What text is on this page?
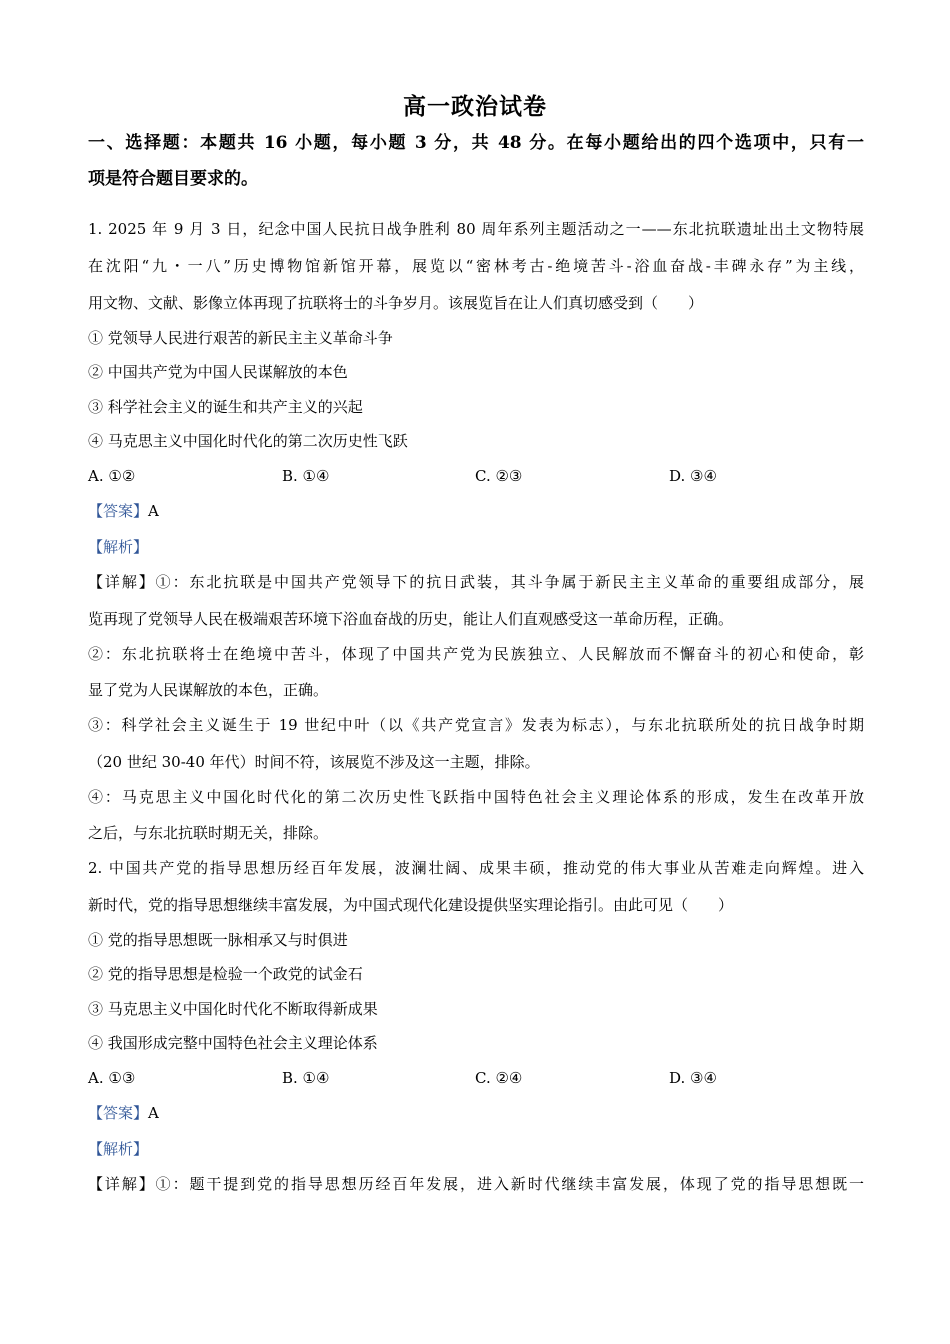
高一政治试卷
一、选择题：本题共 16 小题，每小题 3 分，共 48 分。在每小题给出的四个选项中，只有一
项是符合题目要求的。
1. 2025 年 9 月 3 日，纪念中国人民抗日战争胜利 80 周年系列主题活动之一——东北抗联遗址出土文物特展
在沈阳“九・一八”历史博物馆新馆开幕，展览以“密林考古-绝境苦斗-浴血奋战-丰碑永存”为主线，
用文物、文献、影像立体再现了抗联将士的斗争岁月。该展览旨在让人们真切感受到（　　）
① 党领导人民进行艰苦的新民主主义革命斗争
② 中国共产党为中国人民谋解放的本色
③ 科学社会主义的诞生和共产主义的兴起
④ 马克思主义中国化时代化的第二次历史性飞跃
A. ①②	B. ①④	C. ②③	D. ③④
【答案】A
【解析】
【详解】①：东北抗联是中国共产党领导下的抗日武装，其斗争属于新民主主义革命的重要组成部分，展
览再现了党领导人民在极端艰苦环境下浴血奋战的历史，能让人们直观感受这一革命历程，正确。
②：东北抗联将士在绝境中苦斗，体现了中国共产党为民族独立、人民解放而不懈奋斗的初心和使命，彰
显了党为人民谋解放的本色，正确。
③：科学社会主义诞生于 19 世纪中叶（以《共产党宣言》发表为标志），与东北抗联所处的抗日战争时期
（20 世纪 30-40 年代）时间不符，该展览不涉及这一主题，排除。
④：马克思主义中国化时代化的第二次历史性飞跃指中国特色社会主义理论体系的形成，发生在改革开放
之后，与东北抗联时期无关，排除。
2. 中国共产党的指导思想历经百年发展，波澜壮阔、成果丰硕，推动党的伟大事业从苦难走向辉煌。进入
新时代，党的指导思想继续丰富发展，为中国式现代化建设提供坚实理论指引。由此可见（　　）
① 党的指导思想既一脉相承又与时俱进
② 党的指导思想是检验一个政党的试金石
③ 马克思主义中国化时代化不断取得新成果
④ 我国形成完整中国特色社会主义理论体系
A. ①③	B. ①④	C. ②④	D. ③④
【答案】A
【解析】
【详解】①：题干提到党的指导思想历经百年发展，进入新时代继续丰富发展，体现了党的指导思想既一
